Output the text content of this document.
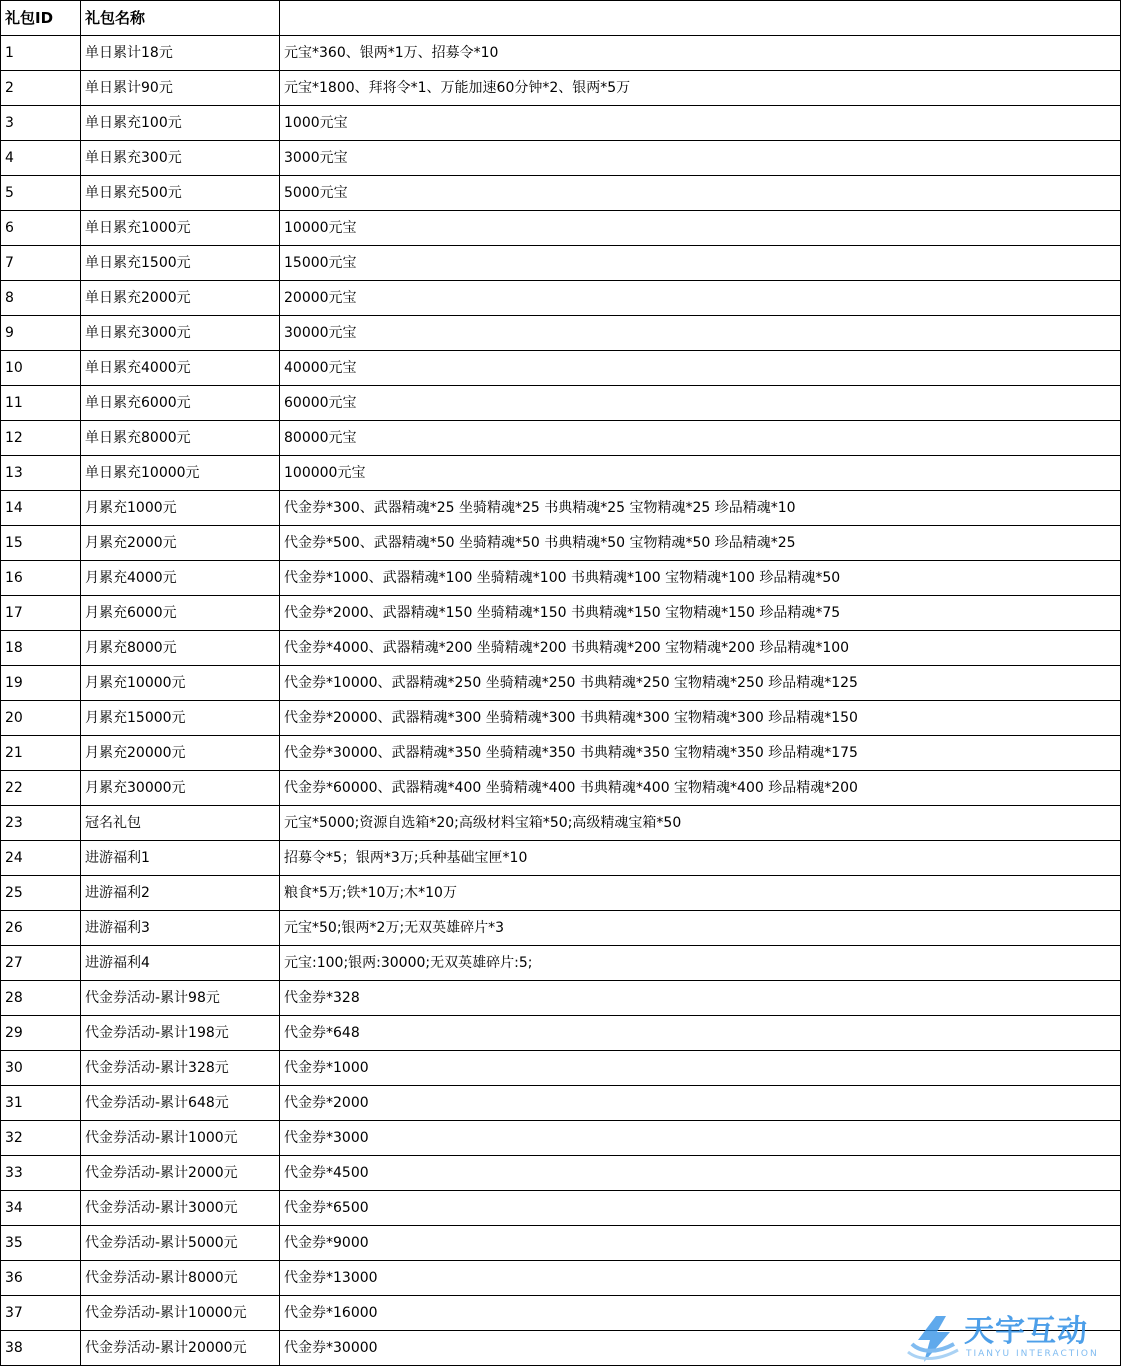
礼包ID	礼包名称	
1	单日累计18元	元宝*360、银两*1万、招募令*10
2	单日累计90元	元宝*1800、拜将令*1、万能加速60分钟*2、银两*5万
3	单日累充100元	1000元宝
4	单日累充300元	3000元宝
5	单日累充500元	5000元宝
6	单日累充1000元	10000元宝
7	单日累充1500元	15000元宝
8	单日累充2000元	20000元宝
9	单日累充3000元	30000元宝
10	单日累充4000元	40000元宝
11	单日累充6000元	60000元宝
12	单日累充8000元	80000元宝
13	单日累充10000元	100000元宝
14	月累充1000元	代金券*300、武器精魂*25 坐骑精魂*25 书典精魂*25 宝物精魂*25 珍品精魂*10
15	月累充2000元	代金券*500、武器精魂*50 坐骑精魂*50 书典精魂*50 宝物精魂*50 珍品精魂*25
16	月累充4000元	代金券*1000、武器精魂*100 坐骑精魂*100 书典精魂*100 宝物精魂*100 珍品精魂*50
17	月累充6000元	代金券*2000、武器精魂*150 坐骑精魂*150 书典精魂*150 宝物精魂*150 珍品精魂*75
18	月累充8000元	代金券*4000、武器精魂*200 坐骑精魂*200 书典精魂*200 宝物精魂*200 珍品精魂*100
19	月累充10000元	代金券*10000、武器精魂*250 坐骑精魂*250 书典精魂*250 宝物精魂*250 珍品精魂*125
20	月累充15000元	代金券*20000、武器精魂*300 坐骑精魂*300 书典精魂*300 宝物精魂*300 珍品精魂*150
21	月累充20000元	代金券*30000、武器精魂*350 坐骑精魂*350 书典精魂*350 宝物精魂*350 珍品精魂*175
22	月累充30000元	代金券*60000、武器精魂*400 坐骑精魂*400 书典精魂*400 宝物精魂*400 珍品精魂*200
23	冠名礼包	元宝*5000;资源自选箱*20;高级材料宝箱*50;高级精魂宝箱*50
24	进游福利1	招募令*5；银两*3万;兵种基础宝匣*10
25	进游福利2	粮食*5万;铁*10万;木*10万
26	进游福利3	元宝*50;银两*2万;无双英雄碎片*3
27	进游福利4	元宝:100;银两:30000;无双英雄碎片:5;
28	代金券活动-累计98元	代金券*328
29	代金券活动-累计198元	代金券*648
30	代金券活动-累计328元	代金券*1000
31	代金券活动-累计648元	代金券*2000
32	代金券活动-累计1000元	代金券*3000
33	代金券活动-累计2000元	代金券*4500
34	代金券活动-累计3000元	代金券*6500
35	代金券活动-累计5000元	代金券*9000
36	代金券活动-累计8000元	代金券*13000
37	代金券活动-累计10000元	代金券*16000
38	代金券活动-累计20000元	代金券*30000	天宇互动
TIANYU INTERACTION
